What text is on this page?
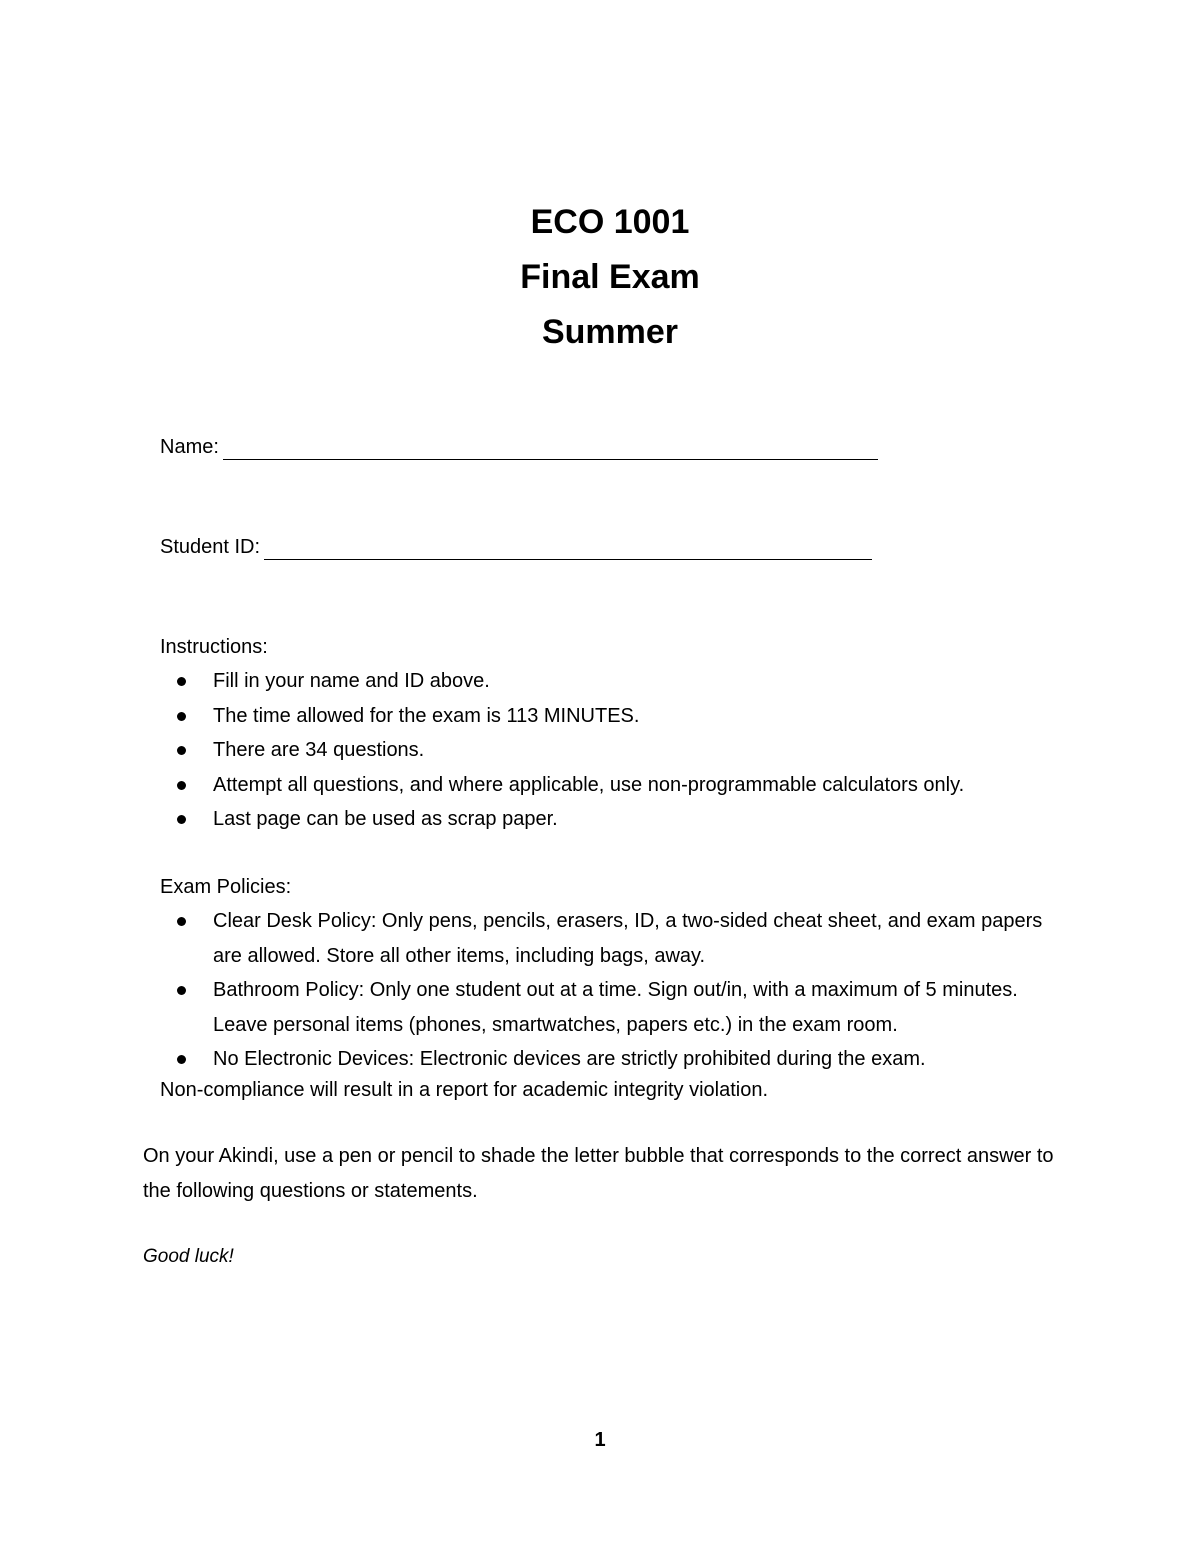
ECO 1001
Final Exam
Summer
Name:
Student ID:
Instructions:
Fill in your name and ID above.
The time allowed for the exam is 113 MINUTES.
There are 34 questions.
Attempt all questions, and where applicable, use non-programmable calculators only.
Last page can be used as scrap paper.
Exam Policies:
Clear Desk Policy: Only pens, pencils, erasers, ID, a two-sided cheat sheet, and exam papers are allowed. Store all other items, including bags, away.
Bathroom Policy: Only one student out at a time. Sign out/in, with a maximum of 5 minutes. Leave personal items (phones, smartwatches, papers etc.) in the exam room.
No Electronic Devices: Electronic devices are strictly prohibited during the exam.
Non-compliance will result in a report for academic integrity violation.
On your Akindi, use a pen or pencil to shade the letter bubble that corresponds to the correct answer to the following questions or statements.
Good luck!
1
